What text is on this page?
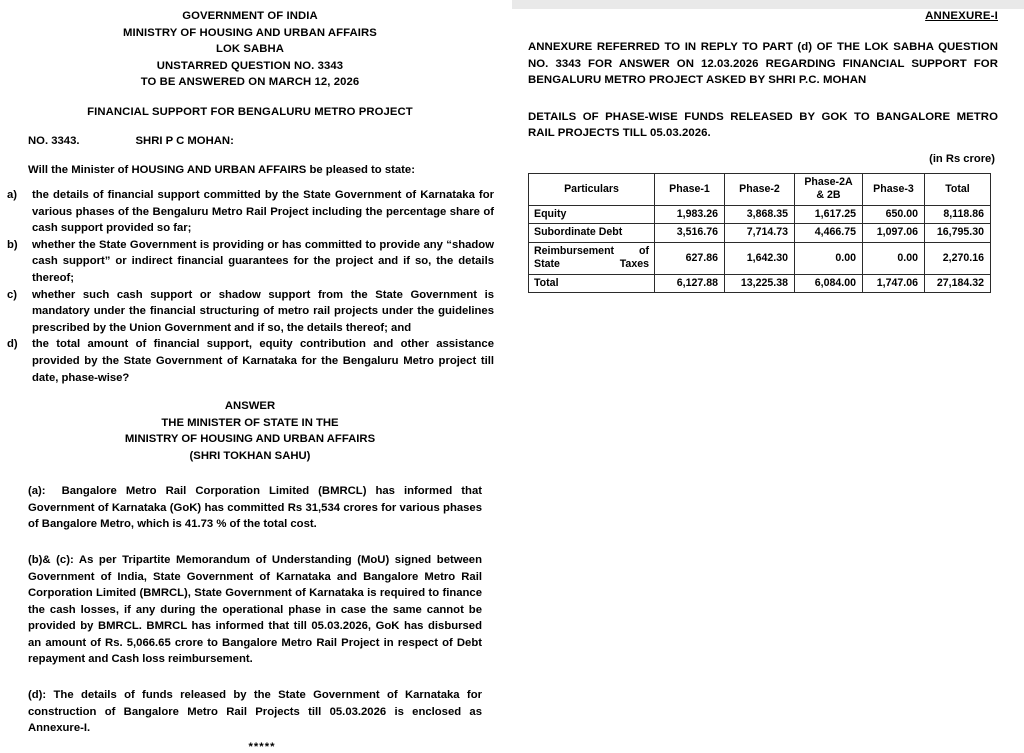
GOVERNMENT OF INDIA
MINISTRY OF HOUSING AND URBAN AFFAIRS
LOK SABHA
UNSTARRED QUESTION NO. 3343
TO BE ANSWERED ON MARCH 12, 2026
FINANCIAL SUPPORT FOR BENGALURU METRO PROJECT
NO. 3343.	SHRI P C MOHAN:
Will the Minister of HOUSING AND URBAN AFFAIRS be pleased to state:
a) the details of financial support committed by the State Government of Karnataka for various phases of the Bengaluru Metro Rail Project including the percentage share of cash support provided so far;
b) whether the State Government is providing or has committed to provide any “shadow cash support” or indirect financial guarantees for the project and if so, the details thereof;
c) whether such cash support or shadow support from the State Government is mandatory under the financial structuring of metro rail projects under the guidelines prescribed by the Union Government and if so, the details thereof; and
d) the total amount of financial support, equity contribution and other assistance provided by the State Government of Karnataka for the Bengaluru Metro project till date, phase-wise?
ANSWER
THE MINISTER OF STATE IN THE
MINISTRY OF HOUSING AND URBAN AFFAIRS
(SHRI TOKHAN SAHU)
(a): Bangalore Metro Rail Corporation Limited (BMRCL) has informed that Government of Karnataka (GoK) has committed Rs 31,534 crores for various phases of Bangalore Metro, which is 41.73 % of the total cost.
(b)& (c): As per Tripartite Memorandum of Understanding (MoU) signed between Government of India, State Government of Karnataka and Bangalore Metro Rail Corporation Limited (BMRCL), State Government of Karnataka is required to finance the cash losses, if any during the operational phase in case the same cannot be provided by BMRCL. BMRCL has informed that till 05.03.2026, GoK has disbursed an amount of Rs. 5,066.65 crore to Bangalore Metro Rail Project in respect of Debt repayment and Cash loss reimbursement.
(d): The details of funds released by the State Government of Karnataka for construction of Bangalore Metro Rail Projects till 05.03.2026 is enclosed as Annexure-I.
*****
ANNEXURE-I
ANNEXURE REFERRED TO IN REPLY TO PART (d) OF THE LOK SABHA QUESTION NO. 3343 FOR ANSWER ON 12.03.2026 REGARDING FINANCIAL SUPPORT FOR BENGALURU METRO PROJECT ASKED BY SHRI P.C. MOHAN
DETAILS OF PHASE-WISE FUNDS RELEASED BY GOK TO BANGALORE METRO RAIL PROJECTS TILL 05.03.2026.
(in Rs crore)
Particulars	Phase-1	Phase-2	Phase-2A
& 2B	Phase-3	Total
Equity	1,983.26	3,868.35	1,617.25	650.00	8,118.86
Subordinate Debt	3,516.76	7,714.73	4,466.75	1,097.06	16,795.30
Reimbursement of
State Taxes	627.86	1,642.30	0.00	0.00	2,270.16
Total	6,127.88	13,225.38	6,084.00	1,747.06	27,184.32
